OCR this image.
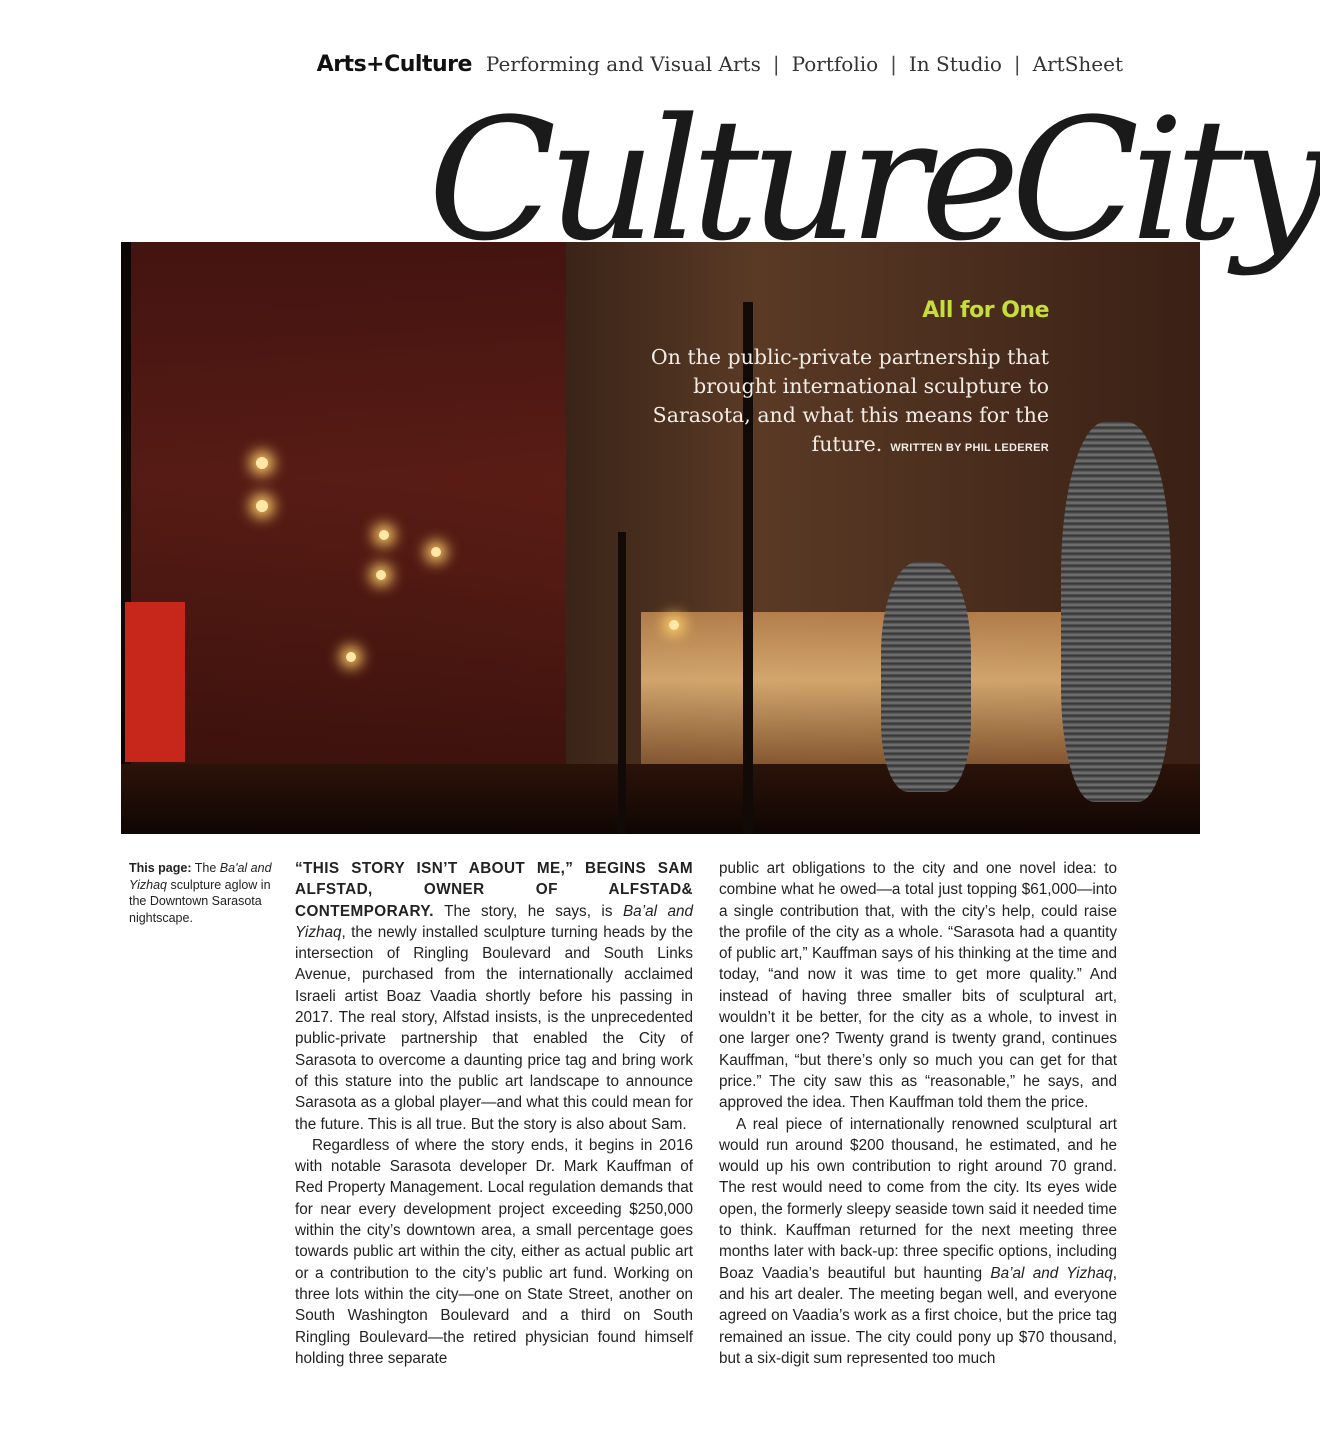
Arts+Culture Performing and Visual Arts | Portfolio | In Studio | ArtSheet
CultureCity
All for One
On the public-private partnership that brought international sculpture to Sarasota, and what this means for the future. WRITTEN BY PHIL LEDERER
This page: The Ba'al and Yizhaq sculpture aglow in the Downtown Sarasota nightscape.

“THIS STORY ISN’T ABOUT ME,” BEGINS SAM ALFSTAD, OWNER OF ALFSTAD& CONTEMPORARY. The story, he says, is Ba’al and Yizhaq, the newly installed sculpture turning heads by the intersection of Ringling Boulevard and South Links Avenue, purchased from the internationally acclaimed Israeli artist Boaz Vaadia shortly before his passing in 2017. The real story, Alfstad insists, is the unprecedented public-private partnership that enabled the City of Sarasota to overcome a daunting price tag and bring work of this stature into the public art landscape to announce Sarasota as a global player—and what this could mean for the future. This is all true. But the story is also about Sam.

Regardless of where the story ends, it begins in 2016 with notable Sarasota developer Dr. Mark Kauffman of Red Property Management. Local regulation demands that for near every development project exceeding $250,000 within the city’s downtown area, a small percentage goes towards public art within the city, either as actual public art or a contribution to the city’s public art fund. Working on three lots within the city—one on State Street, another on South Washington Boulevard and a third on South Ringling Boulevard—the retired physician found himself holding three separate

public art obligations to the city and one novel idea: to combine what he owed—a total just topping $61,000—into a single contribution that, with the city’s help, could raise the profile of the city as a whole. “Sarasota had a quantity of public art,” Kauffman says of his thinking at the time and today, “and now it was time to get more quality.” And instead of having three smaller bits of sculptural art, wouldn’t it be better, for the city as a whole, to invest in one larger one? Twenty grand is twenty grand, continues Kauffman, “but there’s only so much you can get for that price.” The city saw this as “reasonable,” he says, and approved the idea. Then Kauffman told them the price.

A real piece of internationally renowned sculptural art would run around $200 thousand, he estimated, and he would up his own contribution to right around 70 grand. The rest would need to come from the city. Its eyes wide open, the formerly sleepy seaside town said it needed time to think. Kauffman returned for the next meeting three months later with back-up: three specific options, including Boaz Vaadia’s beautiful but haunting Ba’al and Yizhaq, and his art dealer. The meeting began well, and everyone agreed on Vaadia’s work as a first choice, but the price tag remained an issue. The city could pony up $70 thousand, but a six-digit sum represented too much
